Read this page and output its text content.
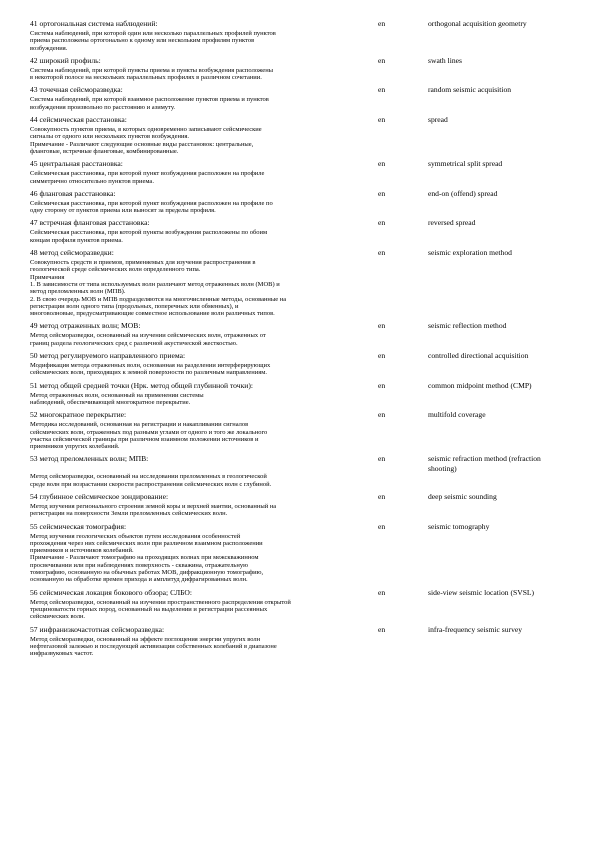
41 ортогональная система наблюдений:	en	orthogonal acquisition geometry
Система наблюдений, при которой один или несколько параллельных профилей пунктов
приема расположены ортогонально к одному или нескольким профилям пунктов
возбуждения.
42 широкий профиль:	en	swath lines
Система наблюдений, при которой пункты приема и пункты возбуждения расположены
в некоторой полосе на нескольких параллельных профилях в различном сочетании.
43 точечная сейсморазведка:	en	random seismic acquisition
Система наблюдений, при которой взаимное расположение пунктов приема и пунктов
возбуждения произвольно по расстоянию и азимуту.
44 сейсмическая расстановка:	en	spread
Совокупность пунктов приема, в которых одновременно записывают сейсмические
сигналы от одного или нескольких пунктов возбуждения.
Примечание - Различают следующие основные виды расстановок: центральные,
фланговые, встречные фланговые, комбинированные.
45 центральная расстановка:	en	symmetrical split spread
Сейсмическая расстановка, при которой пункт возбуждения расположен на профиле
симметрично относительно пунктов приема.
46 фланговая расстановка:	en	end-on (offend) spread
Сейсмическая расстановка, при которой пункт возбуждения расположен на профиле по
одну сторону от пунктов приема или выносят за пределы профиля.
47 встречная фланговая расстановка:	en	reversed spread
Сейсмическая расстановка, при которой пункты возбуждения расположены по обоим
концам профиля пунктов приема.
48 метод сейсморазведки:	en	seismic exploration method
Совокупность средств и приемов, применяемых для изучения распространения в
геологической среде сейсмических волн определенного типа.
Примечания
1. В зависимости от типа используемых волн различают метод отраженных волн (МОВ) и
метод преломленных волн (МПВ).
2. В свою очередь МОВ и МПВ подразделяются на многочисленные методы, основанные на
регистрации волн одного типа (продольных, поперечных или обменных), и
многоволновые, предусматривающие совместное использование волн различных типов.
49 метод отраженных волн; МОВ:	en	seismic reflection method
Метод сейсморазведки, основанный на изучении сейсмических волн, отраженных от
границ раздела геологических сред с различной акустической жесткостью.
50 метод регулируемого направленного приема:	en	controlled directional acquisition
Модификация метода отраженных волн, основанная на разделении интерферирующих
сейсмических волн, приходящих к земной поверхности по различным направлениям.
51 метод общей средней точки (Нрк. метод общей глубинной точки):	en	common midpoint method (CMP)
Метод отраженных волн, основанный на применении системы
наблюдений, обеспечивающей многократное перекрытие.
52 многократное перекрытие:	en	multifold coverage
Методика исследований, основанная на регистрации и накапливании сигналов
сейсмических волн, отраженных под разными углами от одного и того же локального
участка сейсмической границы при различном взаимном положении источников и
приемников упругих колебаний.
53 метод преломленных волн; МПВ:	en	seismic refraction method (refraction shooting)
Метод сейсморазведки, основанный на исследовании преломленных в геологической
среде волн при возрастании скорости распространения сейсмических волн с глубиной.
54 глубинное сейсмическое зондирование:	en	deep seismic sounding
Метод изучения регионального строения земной коры и верхней мантии, основанный на
регистрации на поверхности Земли преломленных сейсмических волн.
55 сейсмическая томография:	en	seismic tomography
Метод изучения геологических объектов путем исследования особенностей
прохождения через них сейсмических волн при различном взаимном расположении
приемников и источников колебаний.
Примечание - Различают томографию на проходящих волнах при межскважинном
просвечивании или при наблюдениях поверхность - скважина, отражательную
томографию, основанную на обычных работах МОВ, дифракционную томографию,
основанную на обработке времен прихода и амплитуд дифрагированных волн.
56 сейсмическая локация бокового обзора; СЛБО:	en	side-view seismic location (SVSL)
Метод сейсморазведки, основанный на изучении пространственного распределения открытой
трещиноватости горных пород, основанный на выделении и регистрации рассеянных
сейсмических волн.
57 инфранизкочастотная сейсморазведка:	en	infra-frequency seismic survey
Метод сейсморазведки, основанный на эффекте поглощения энергии упругих волн
нефтегазовой залежью и последующей активизации собственных колебаний в диапазоне
инфразвуковых частот.
